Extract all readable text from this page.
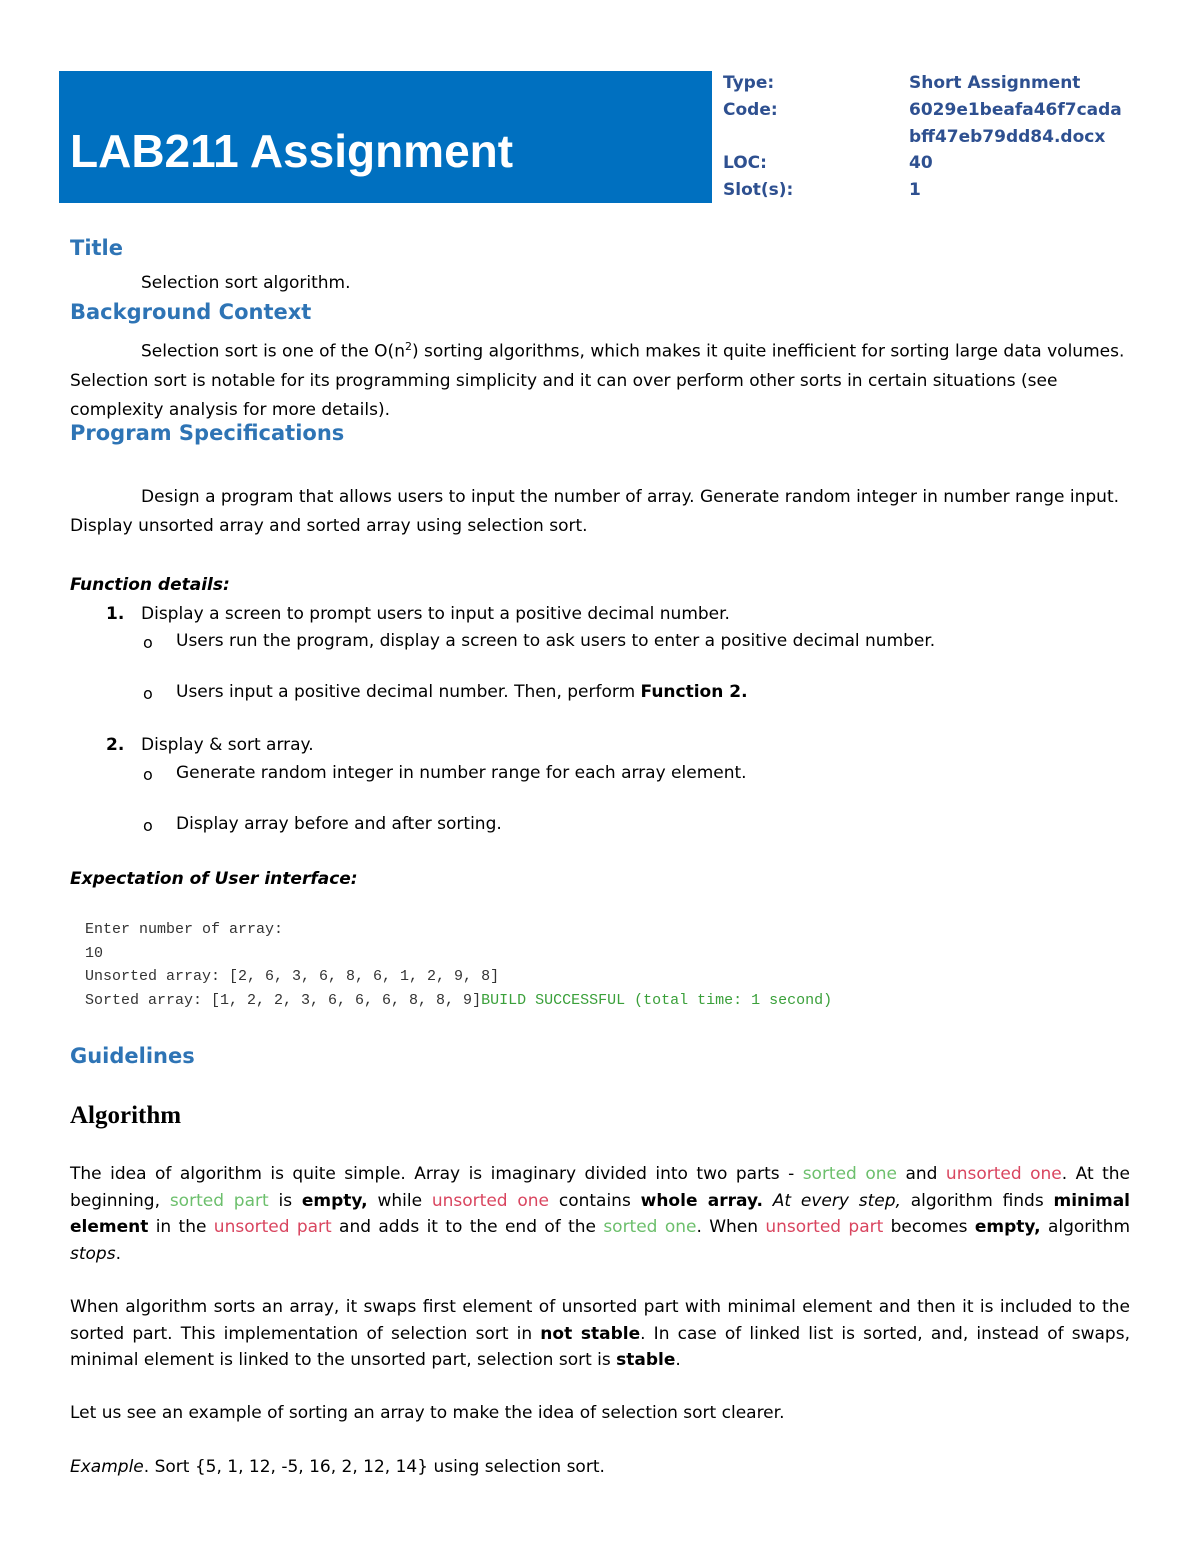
LAB211 Assignment
Type:	Short Assignment
Code:	6029e1beafa46f7cada
bff47eb79dd84.docx
LOC:	40
Slot(s):	1
Title

Selection sort algorithm.

Background Context

Selection sort is one of the $O(n^2)$ sorting algorithms, which makes it quite inefficient for sorting large data volumes. Selection sort is notable for its programming simplicity and it can over perform other sorts in certain situations (see complexity analysis for more details).

Program Specifications

Design a program that allows users to input the number of array. Generate random integer in number range input. Display unsorted array and sorted array using selection sort.

Function details:

1. Display a screen to prompt users to input a positive decimal number.
o Users run the program, display a screen to ask users to enter a positive decimal number.
o Users input a positive decimal number. Then, perform Function 2.
2. Display & sort array.
o Generate random integer in number range for each array element.
o Display array before and after sorting.

Expectation of User interface:

Enter number of array:
10
Unsorted array: [2, 6, 3, 6, 8, 6, 1, 2, 9, 8]
Sorted array: [1, 2, 2, 3, 6, 6, 6, 8, 8, 9]BUILD SUCCESSFUL (total time: 1 second)
Guidelines
Algorithm

The idea of algorithm is quite simple. Array is imaginary divided into two parts - sorted one and unsorted one. At the beginning, sorted part is empty, while unsorted one contains whole array. At every step, algorithm finds minimal element in the unsorted part and adds it to the end of the sorted one. When unsorted part becomes empty, algorithm stops.

When algorithm sorts an array, it swaps first element of unsorted part with minimal element and then it is included to the sorted part. This implementation of selection sort in not stable. In case of linked list is sorted, and, instead of swaps, minimal element is linked to the unsorted part, selection sort is stable.

Let us see an example of sorting an array to make the idea of selection sort clearer.

Example. Sort {5, 1, 12, -5, 16, 2, 12, 14} using selection sort.
